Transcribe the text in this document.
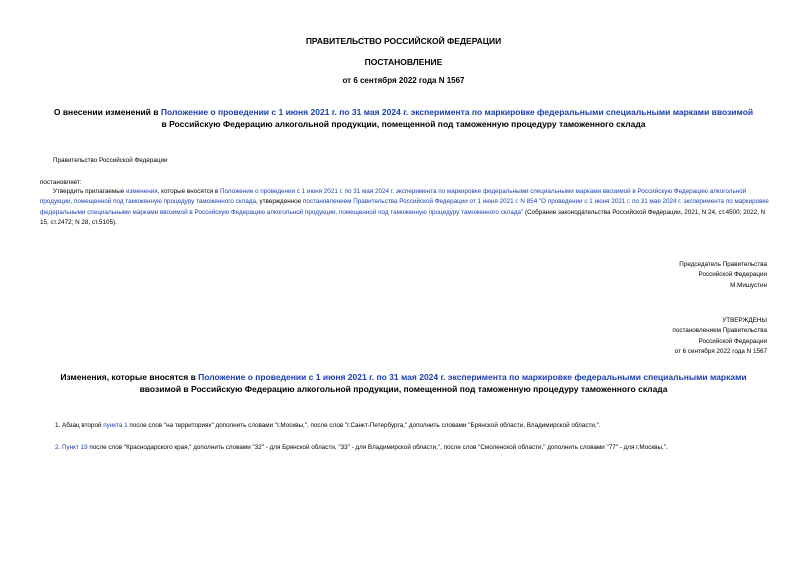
ПРАВИТЕЛЬСТВО РОССИЙСКОЙ ФЕДЕРАЦИИ
ПОСТАНОВЛЕНИЕ
от 6 сентября 2022 года N 1567
О внесении изменений в Положение о проведении с 1 июня 2021 г. по 31 мая 2024 г. эксперимента по маркировке федеральными специальными марками ввозимой
в Российскую Федерацию алкогольной продукции, помещенной под таможенную процедуру таможенного склада
Правительство Российской Федерации
постановляет:
Утвердить прилагаемые изменения, которые вносятся в Положение о проведении с 1 июня 2021 г. по 31 мая 2024 г. эксперимента по маркировке федеральными специальными марками ввозимой в Российскую Федерацию алкогольной продукции, помещенной под таможенную процедуру таможенного склада, утвержденное постановлением Правительства Российской Федерации от 1 июня 2021 г. N 854 "О проведении с 1 июня 2021 г. по 31 мая 2024 г. эксперимента по маркировке федеральными специальными марками ввозимой в Российскую Федерацию алкогольной продукции, помещенной под таможенную процедуру таможенного склада" (Собрание законодательства Российской Федерации, 2021, N 24, ст.4500; 2022, N 15, ст.2472; N 28, ст.5105).
Председатель Правительства
Российской Федерации
М.Мишустин
УТВЕРЖДЕНЫ
постановлением Правительства
Российской Федерации
от 6 сентября 2022 года N 1567
Изменения, которые вносятся в Положение о проведении с 1 июня 2021 г. по 31 мая 2024 г. эксперимента по маркировке федеральными специальными марками
ввозимой в Российскую Федерацию алкогольной продукции, помещенной под таможенную процедуру таможенного склада
1. Абзац второй пункта 1 после слов "на территориях" дополнить словами "г.Москвы,", после слов "г.Санкт-Петербурга," дополнить словами "Брянской области, Владимирской области,".
2. Пункт 19 после слов "Краснодарского края," дополнить словами "32" - для Брянской области, "33" - для Владимирской области,", после слов "Смоленской области," дополнить словами "77" - для г.Москвы,".
